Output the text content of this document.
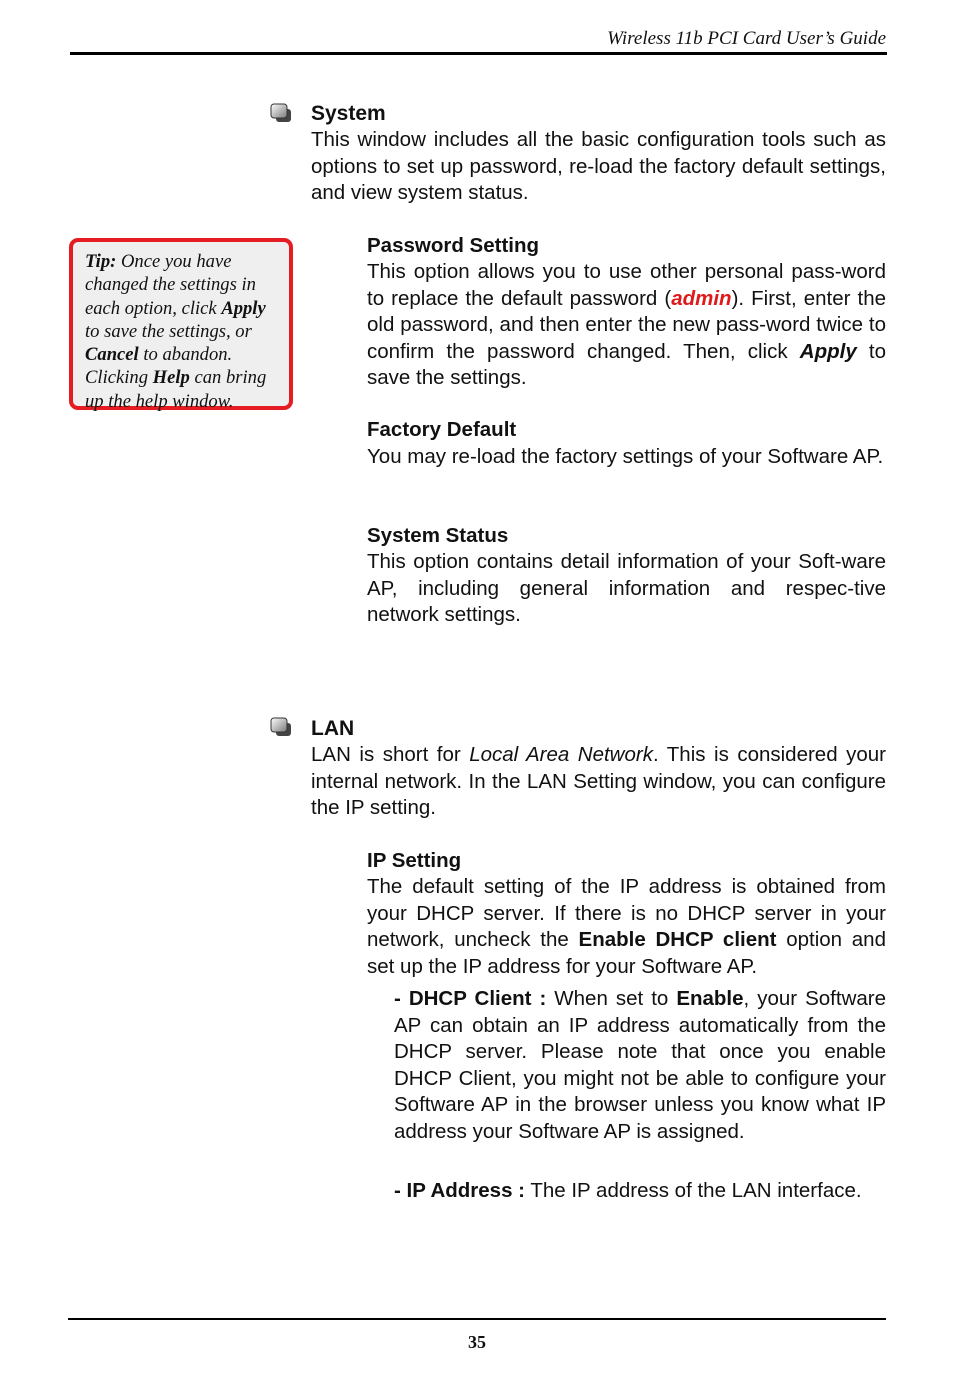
Wireless 11b PCI Card User’s Guide
Tip: Once you have
changed the settings in
each option, click Apply
to save the settings, or
Cancel to abandon.
Clicking Help can bring
up the help window.
System
This window includes all the basic configuration tools such as options to set up password, re-load the factory default settings, and view system status.
Password Setting
This option allows you to use other personal pass-word to replace the default password (admin). First, enter the old password, and then enter the new pass-word twice to confirm the password changed. Then, click Apply to save the settings.
Factory Default
You may re-load the factory settings of your Software AP.
System Status
This option contains detail information of your Soft-ware AP, including general information and respec-tive network settings.
LAN
LAN is short for Local Area Network. This is considered your internal network. In the LAN Setting window, you can configure the IP setting.
IP Setting
The default setting of the IP address is obtained from your DHCP server. If there is no DHCP server in your network, uncheck the Enable DHCP client option and set up the IP address for your Software AP.
- DHCP Client : When set to Enable, your Software AP can obtain an IP address automatically from the DHCP server. Please note that once you enable DHCP Client, you might not be able to configure your Software AP in the browser unless you know what IP address your Software AP is assigned.
- IP Address : The IP address of the LAN interface.
35
